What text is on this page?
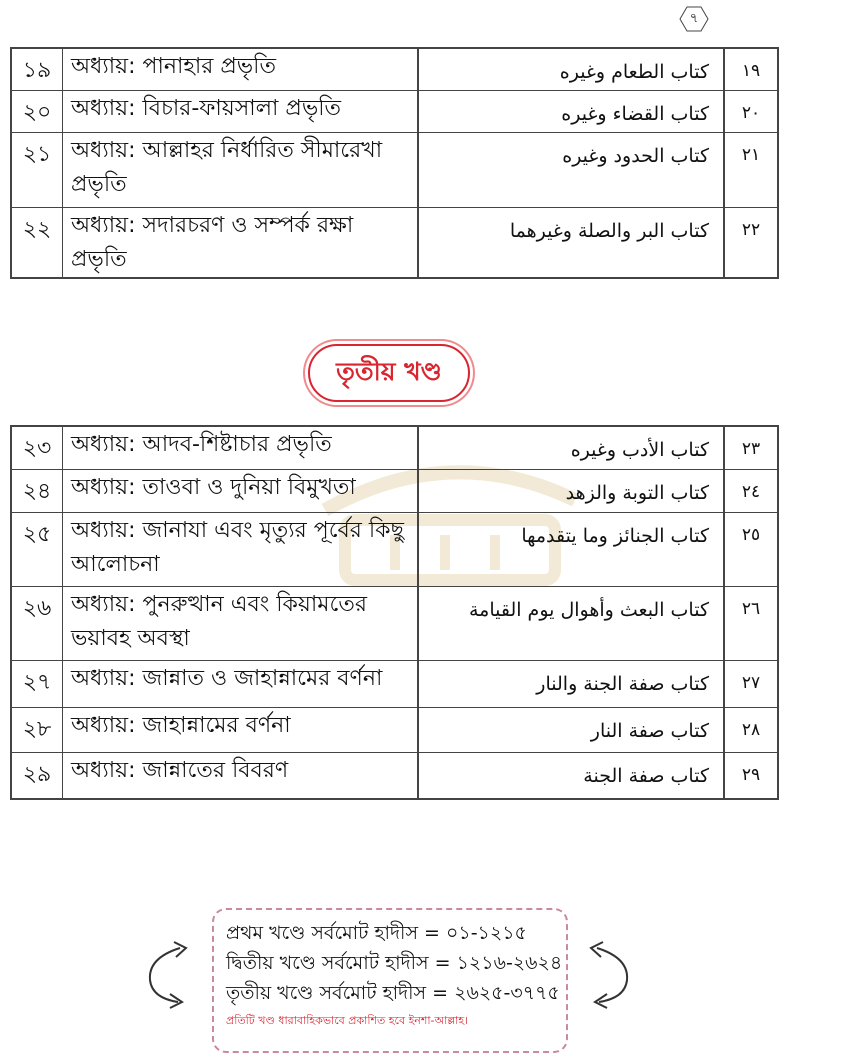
৭
১৯	অধ্যায়: পানাহার প্রভৃতি	كتاب الطعام وغيره	١٩
২০	অধ্যায়: বিচার-ফায়সালা প্রভৃতি	كتاب القضاء وغيره	٢٠
২১	অধ্যায়: আল্লাহর নির্ধারিত সীমারেখা প্রভৃতি	كتاب الحدود وغيره	٢١
২২	অধ্যায়: সদারচরণ ও সম্পর্ক রক্ষা প্রভৃতি	كتاب البر والصلة وغيرهما	٢٢
তৃতীয় খণ্ড
২৩	অধ্যায়: আদব-শিষ্টাচার প্রভৃতি	كتاب الأدب وغيره	٢٣
২৪	অধ্যায়: তাওবা ও দুনিয়া বিমুখতা	كتاب التوبة والزهد	٢٤
২৫	অধ্যায়: জানাযা এবং মৃত্যুর পূর্বের কিছু আলোচনা	كتاب الجنائز وما يتقدمها	٢٥
২৬	অধ্যায়: পুনরুত্থান এবং কিয়ামতের ভয়াবহ অবস্থা	كتاب البعث وأهوال يوم القيامة	٢٦
২৭	অধ্যায়: জান্নাত ও জাহান্নামের বর্ণনা	كتاب صفة الجنة والنار	٢٧
২৮	অধ্যায়: জাহান্নামের বর্ণনা	كتاب صفة النار	٢٨
২৯	অধ্যায়: জান্নাতের বিবরণ	كتاب صفة الجنة	٢٩
প্রথম খণ্ডে সর্বমোট হাদীস = ০১-১২১৫
দ্বিতীয় খণ্ডে সর্বমোট হাদীস = ১২১৬-২৬২৪
তৃতীয় খণ্ডে সর্বমোট হাদীস = ২৬২৫-৩৭৭৫
প্রতিটি খণ্ড ধারাবাহিকভাবে প্রকাশিত হবে ইনশা-আল্লাহ।
